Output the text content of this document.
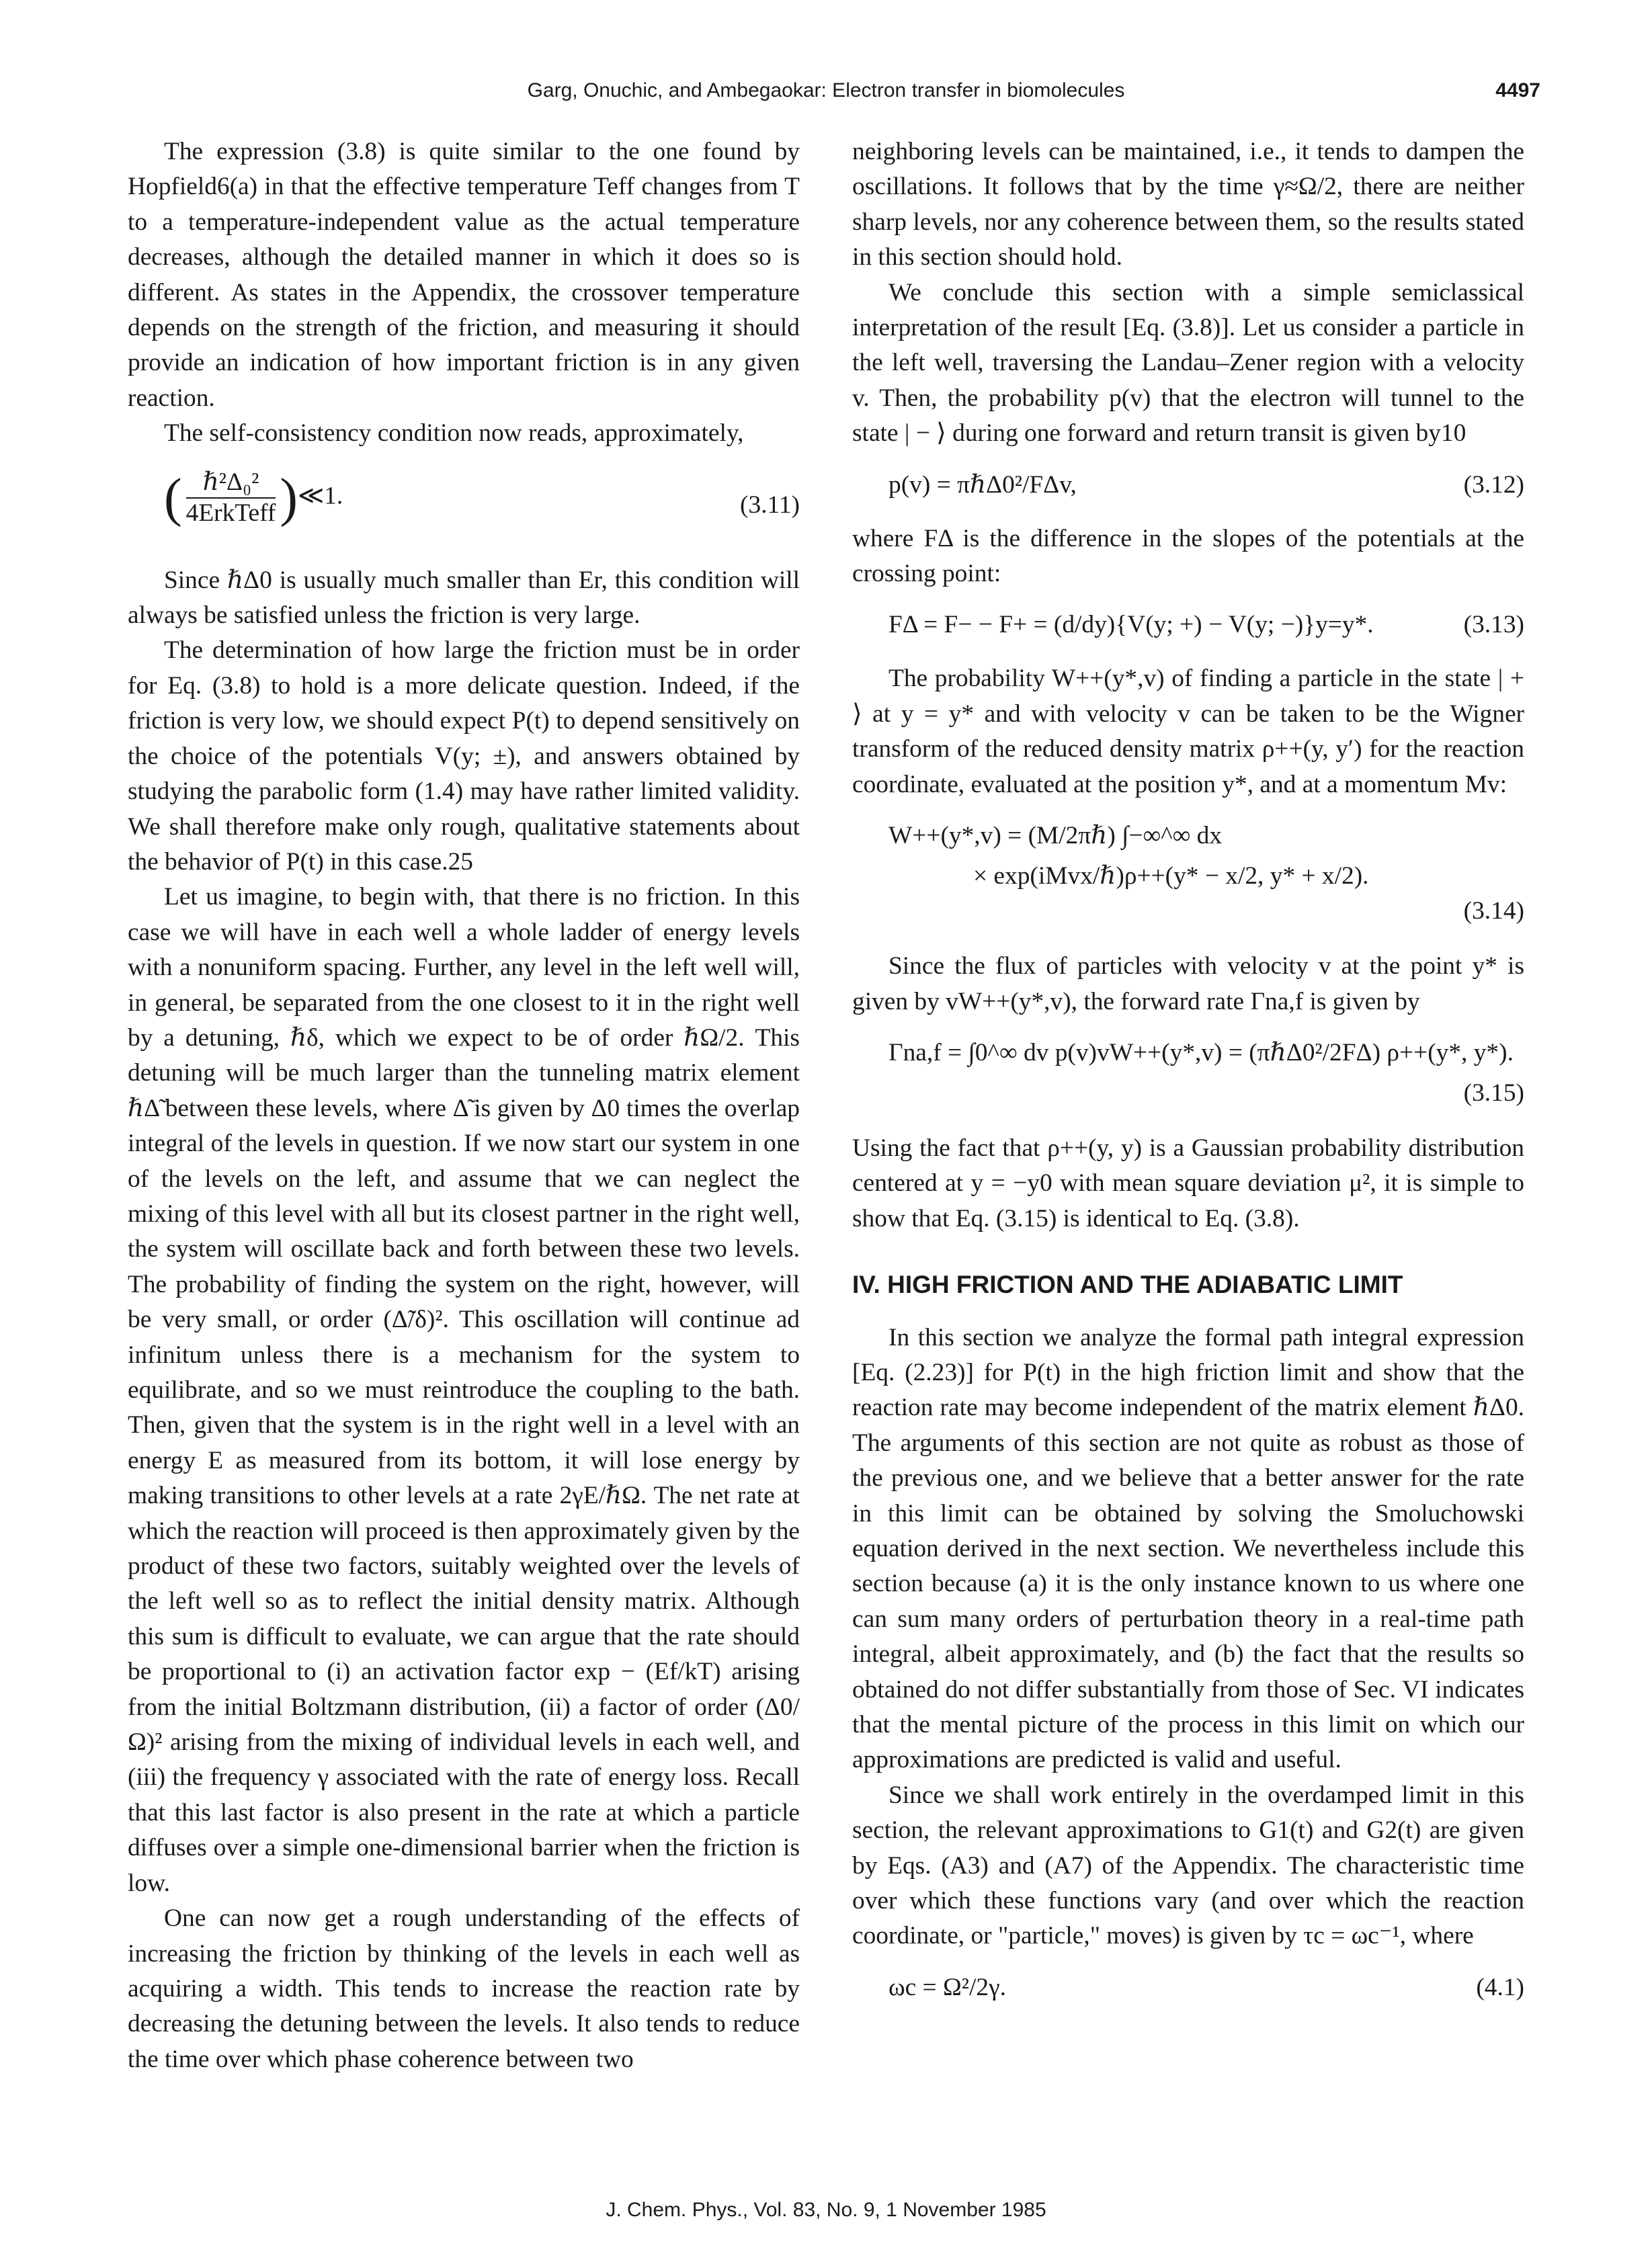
Garg, Onuchic, and Ambegaokar: Electron transfer in biomolecules	4497

The expression (3.8) is quite similar to the one found by Hopfield6(a) in that the effective temperature Teff changes from T to a temperature-independent value as the actual temperature decreases, although the detailed manner in which it does so is different. As states in the Appendix, the crossover temperature depends on the strength of the friction, and measuring it should provide an indication of how important friction is in any given reaction.

The self-consistency condition now reads, approximately,

( $\frac{\text{ℏ²Δ₀²}}{\text{4ErkTeff}}$ )≪1.	(3.11)

Since ℏΔ0 is usually much smaller than Er, this condition will always be satisfied unless the friction is very large.

The determination of how large the friction must be in order for Eq. (3.8) to hold is a more delicate question. Indeed, if the friction is very low, we should expect P(t) to depend sensitively on the choice of the potentials V(y; ±), and answers obtained by studying the parabolic form (1.4) may have rather limited validity. We shall therefore make only rough, qualitative statements about the behavior of P(t) in this case.25

Let us imagine, to begin with, that there is no friction. In this case we will have in each well a whole ladder of energy levels with a nonuniform spacing. Further, any level in the left well will, in general, be separated from the one closest to it in the right well by a detuning, ℏδ, which we expect to be of order ℏΩ/2. This detuning will be much larger than the tunneling matrix element ℏΔ̃ between these levels, where Δ̃ is given by Δ0 times the overlap integral of the levels in question. If we now start our system in one of the levels on the left, and assume that we can neglect the mixing of this level with all but its closest partner in the right well, the system will oscillate back and forth between these two levels. The probability of finding the system on the right, however, will be very small, or order (Δ̃/δ)². This oscillation will continue ad infinitum unless there is a mechanism for the system to equilibrate, and so we must reintroduce the coupling to the bath. Then, given that the system is in the right well in a level with an energy E as measured from its bottom, it will lose energy by making transitions to other levels at a rate 2γE/ℏΩ. The net rate at which the reaction will proceed is then approximately given by the product of these two factors, suitably weighted over the levels of the left well so as to reflect the initial density matrix. Although this sum is difficult to evaluate, we can argue that the rate should be proportional to (i) an activation factor exp − (Ef/kT) arising from the initial Boltzmann distribution, (ii) a factor of order (Δ0/Ω)² arising from the mixing of individual levels in each well, and (iii) the frequency γ associated with the rate of energy loss. Recall that this last factor is also present in the rate at which a particle diffuses over a simple one-dimensional barrier when the friction is low.

One can now get a rough understanding of the effects of increasing the friction by thinking of the levels in each well as acquiring a width. This tends to increase the reaction rate by decreasing the detuning between the levels. It also tends to reduce the time over which phase coherence between two

neighboring levels can be maintained, i.e., it tends to dampen the oscillations. It follows that by the time γ≈Ω/2, there are neither sharp levels, nor any coherence between them, so the results stated in this section should hold.

We conclude this section with a simple semiclassical interpretation of the result [Eq. (3.8)]. Let us consider a particle in the left well, traversing the Landau–Zener region with a velocity v. Then, the probability p(v) that the electron will tunnel to the state | − ⟩ during one forward and return transit is given by10

p(v) = πℏΔ0²/FΔv,	(3.12)

where FΔ is the difference in the slopes of the potentials at the crossing point:

FΔ = F− − F+ = (d/dy){V(y; +) − V(y; −)}y=y*.	(3.13)

The probability W++(y*,v) of finding a particle in the state | + ⟩ at y = y* and with velocity v can be taken to be the Wigner transform of the reduced density matrix ρ++(y, y′) for the reaction coordinate, evaluated at the position y*, and at a momentum Mv:

W++(y*,v) = (M/2πℏ) ∫−∞^∞ dx
× exp(iMvx/ℏ)ρ++(y* − x/2, y* + x/2).
(3.14)

Since the flux of particles with velocity v at the point y* is given by vW++(y*,v), the forward rate Γna,f is given by

Γna,f = ∫0^∞ dv p(v)vW++(y*,v) = (πℏΔ0²/2FΔ) ρ++(y*, y*).
(3.15)

Using the fact that ρ++(y, y) is a Gaussian probability distribution centered at y = −y0 with mean square deviation μ², it is simple to show that Eq. (3.15) is identical to Eq. (3.8).

IV. HIGH FRICTION AND THE ADIABATIC LIMIT

In this section we analyze the formal path integral expression [Eq. (2.23)] for P(t) in the high friction limit and show that the reaction rate may become independent of the matrix element ℏΔ0. The arguments of this section are not quite as robust as those of the previous one, and we believe that a better answer for the rate in this limit can be obtained by solving the Smoluchowski equation derived in the next section. We nevertheless include this section because (a) it is the only instance known to us where one can sum many orders of perturbation theory in a real-time path integral, albeit approximately, and (b) the fact that the results so obtained do not differ substantially from those of Sec. VI indicates that the mental picture of the process in this limit on which our approximations are predicted is valid and useful.

Since we shall work entirely in the overdamped limit in this section, the relevant approximations to G1(t) and G2(t) are given by Eqs. (A3) and (A7) of the Appendix. The characteristic time over which these functions vary (and over which the reaction coordinate, or "particle," moves) is given by τc = ωc⁻¹, where

ωc = Ω²/2γ.	(4.1)
J. Chem. Phys., Vol. 83, No. 9, 1 November 1985
